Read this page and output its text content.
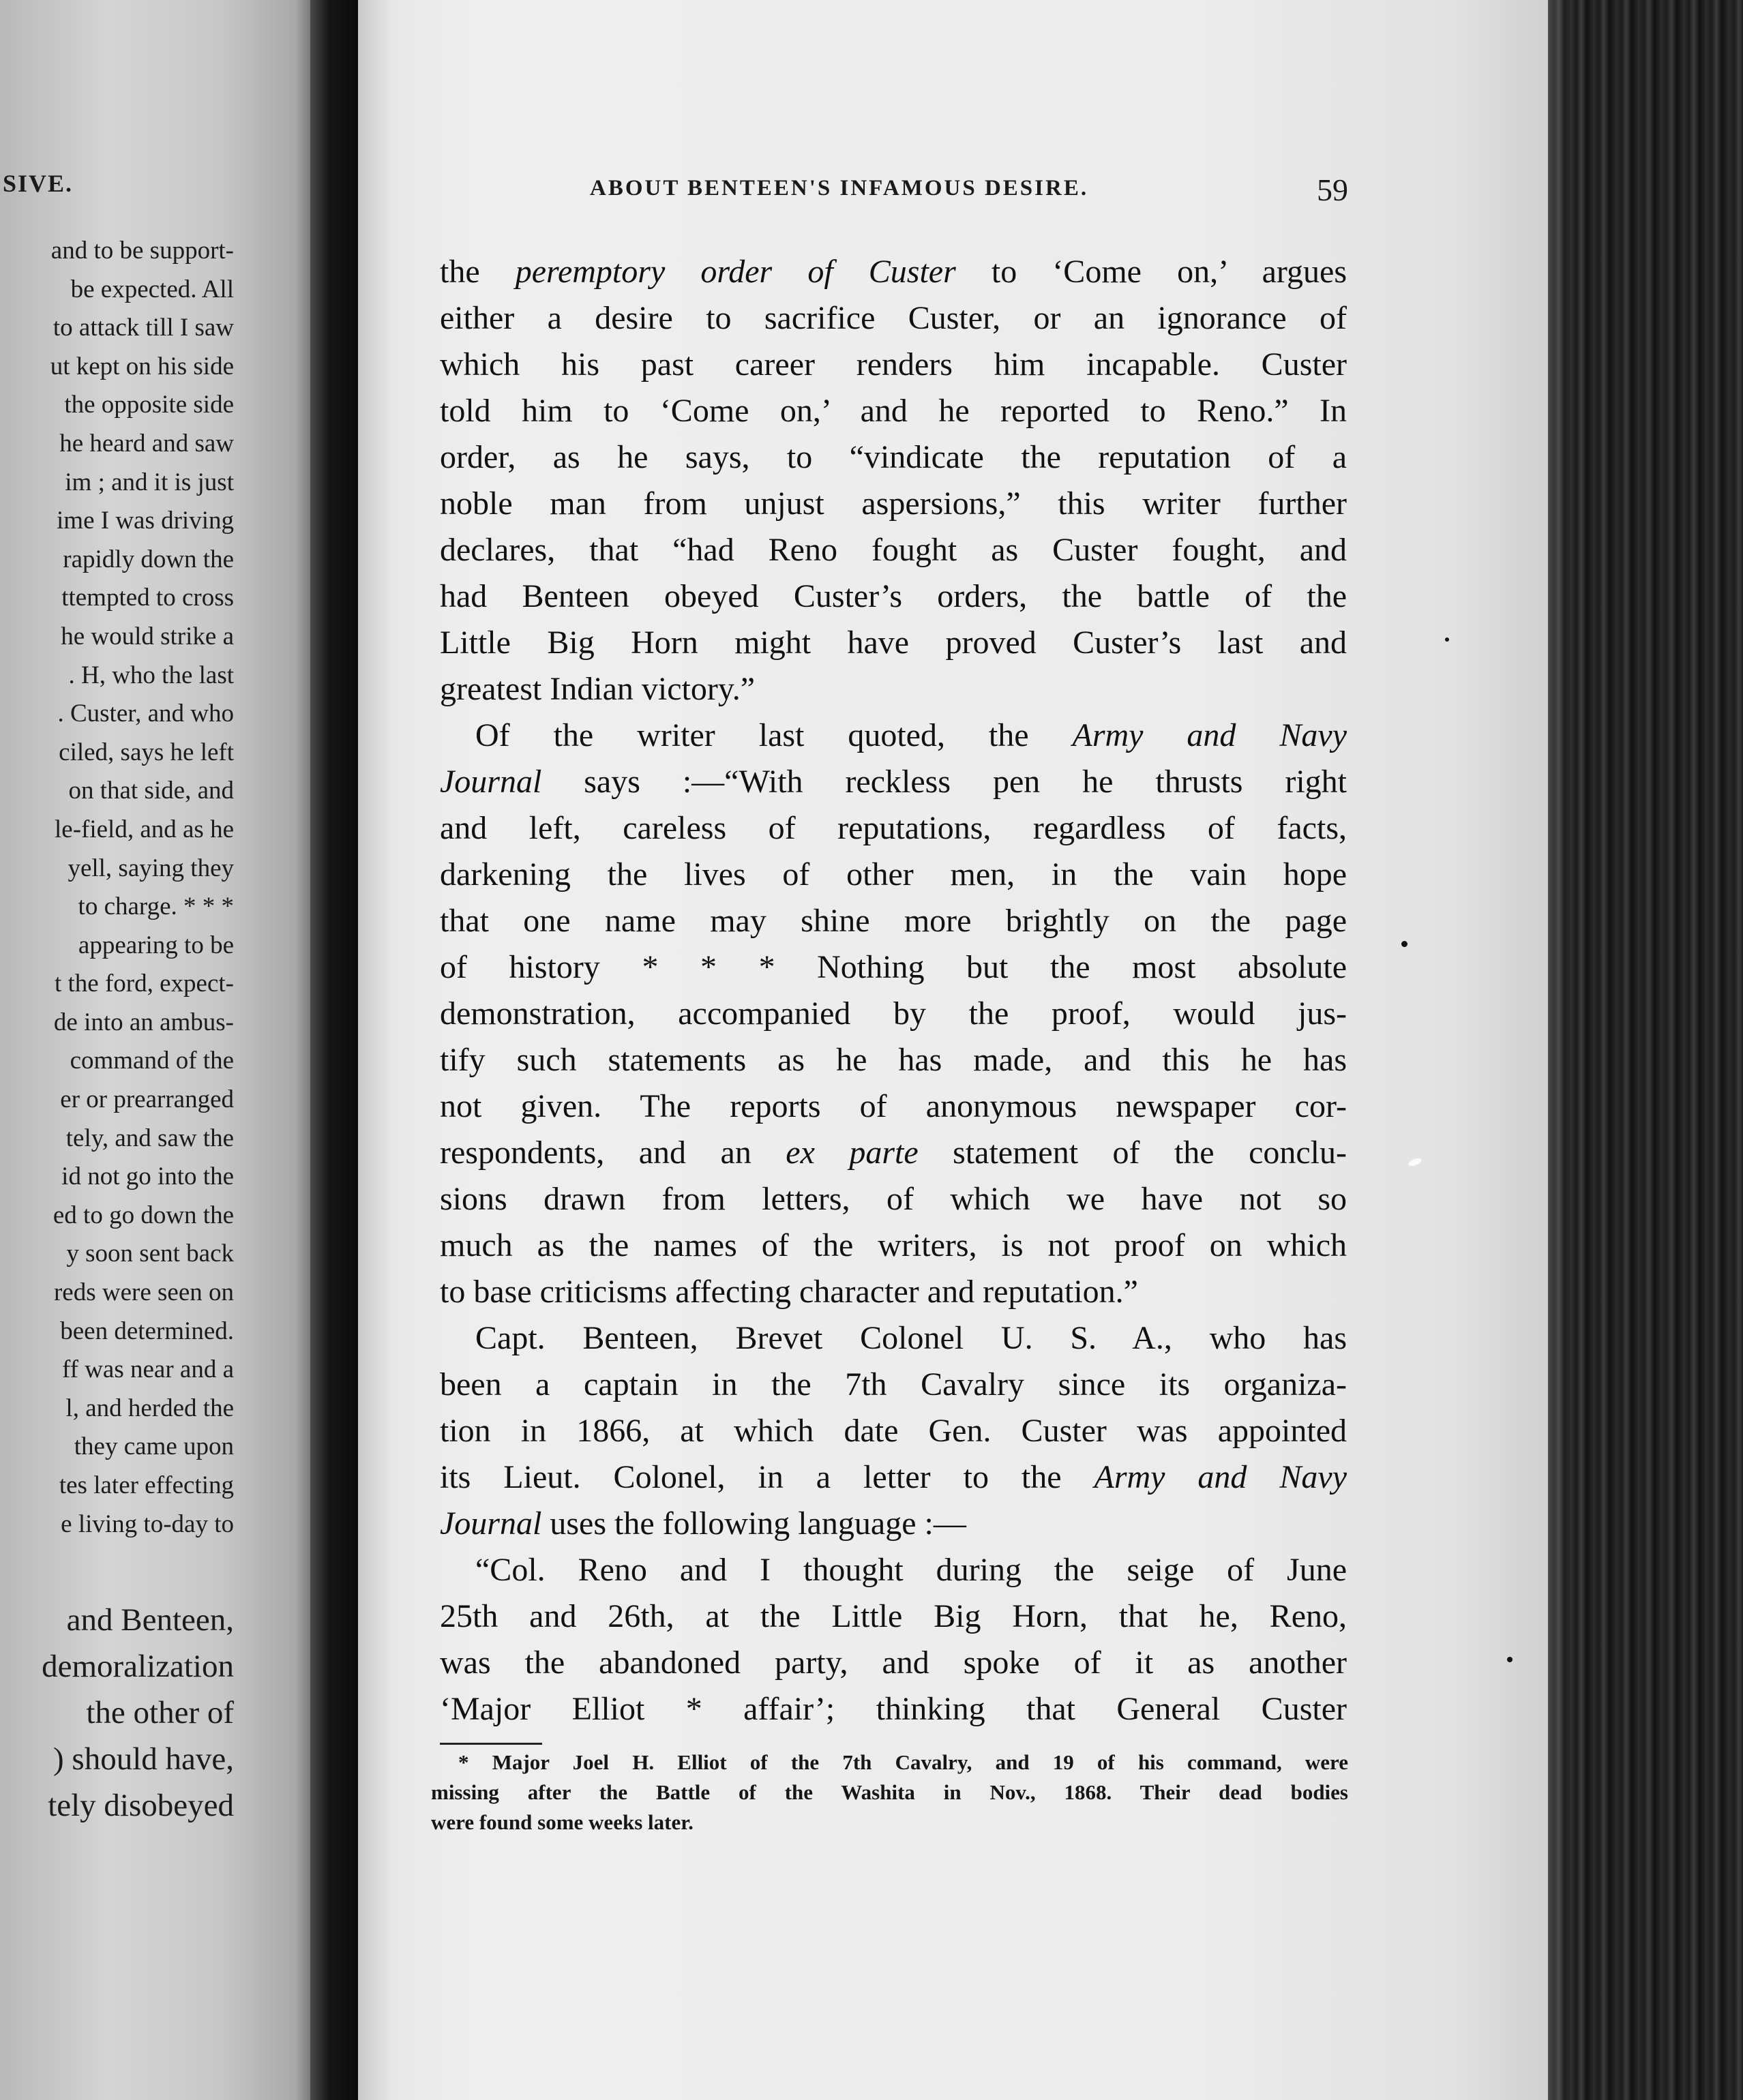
SIVE.
and to be support-
be expected. All
to attack till I saw
ut kept on his side
the opposite side
he heard and saw
im ; and it is just
ime I was driving
rapidly down the
ttempted to cross
he would strike a
. H, who the last
. Custer, and who
ciled, says he left
on that side, and
le-field, and as he
yell, saying they
to charge. * * *
appearing to be
t the ford, expect-
de into an ambus-
command of the
er or prearranged
tely, and saw the
id not go into the
ed to go down the
y soon sent back
reds were seen on
been determined.
ff was near and a
l, and herded the
they came upon
tes later effecting
e living to-day to
and Benteen,
demoralization
the other of
) should have,
tely disobeyed
ABOUT BENTEEN'S INFAMOUS DESIRE.	59
the peremptory order of Custer to ‘Come on,’ argues
either a desire to sacrifice Custer, or an ignorance of
which his past career renders him incapable. Custer
told him to ‘Come on,’ and he reported to Reno.” In
order, as he says, to “vindicate the reputation of a
noble man from unjust aspersions,” this writer further
declares, that “had Reno fought as Custer fought, and
had Benteen obeyed Custer’s orders, the battle of the
Little Big Horn might have proved Custer’s last and
greatest Indian victory.”
Of the writer last quoted, the Army and Navy
Journal says :—“With reckless pen he thrusts right
and left, careless of reputations, regardless of facts,
darkening the lives of other men, in the vain hope
that one name may shine more brightly on the page
of history * * * Nothing but the most absolute
demonstration, accompanied by the proof, would jus-
tify such statements as he has made, and this he has
not given. The reports of anonymous newspaper cor-
respondents, and an ex parte statement of the conclu-
sions drawn from letters, of which we have not so
much as the names of the writers, is not proof on which
to base criticisms affecting character and reputation.”
Capt. Benteen, Brevet Colonel U. S. A., who has
been a captain in the 7th Cavalry since its organiza-
tion in 1866, at which date Gen. Custer was appointed
its Lieut. Colonel, in a letter to the Army and Navy
Journal uses the following language :—
“Col. Reno and I thought during the seige of June
25th and 26th, at the Little Big Horn, that he, Reno,
was the abandoned party, and spoke of it as another
‘Major Elliot * affair’; thinking that General Custer
* Major Joel H. Elliot of the 7th Cavalry, and 19 of his command, were
missing after the Battle of the Washita in Nov., 1868. Their dead bodies
were found some weeks later.
